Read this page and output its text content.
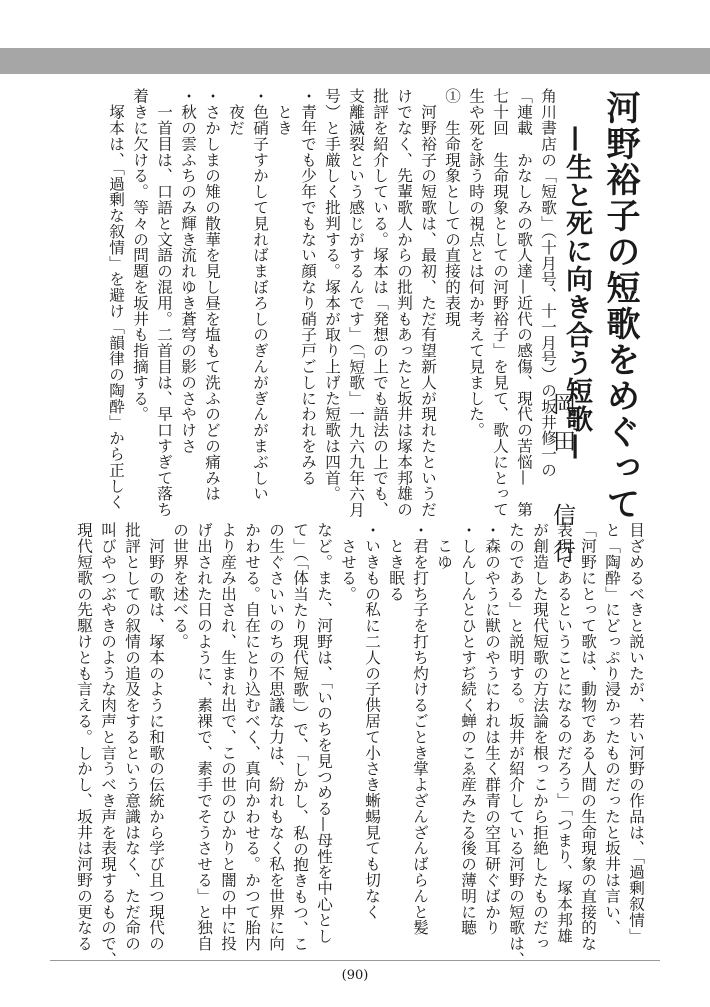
河野裕子の短歌をめぐって
—生と死に向き合う短歌—
岡田　信行
角川書店の「短歌」（十月号、十一月号）の坂井修一の
「連載　かなしみの歌人達—近代の感傷、現代の苦悩—　第
七十回　生命現象としての河野裕子」を見て、歌人にとって
生や死を詠う時の視点とは何か考えて見ました。
①　生命現象としての直接的表現
　河野裕子の短歌は、最初、ただ有望新人が現れたというだ
けでなく、先輩歌人からの批判もあったと坂井は塚本邦雄の
批評を紹介している。塚本は「発想の上でも語法の上でも、
支離滅裂という感じがするんです」（「短歌」一九六九年六月
号）と手厳しく批判する。塚本が取り上げた短歌は四首。
・青年でも少年でもない顔なり硝子戸ごしにわれをみる
　とき
・色硝子すかして見ればまぼろしのぎんがぎんがまぶしい
　夜だ
・さかしまの雉の散華を見し昼を塩もて洗ふのどの痛みは
・秋の雲ふちのみ輝き流れゆき蒼穹の影のさやけさ
　一首目は、口語と文語の混用。二首目は、早口すぎて落ち
着きに欠ける。等々の問題を坂井も指摘する。
　塚本は、「過剰な叙情」を避け「韻律の陶酔」から正しく
目ざめるべきと説いたが、若い河野の作品は、「過剰叙情」
と「陶酔」にどっぷり浸かったものだったと坂井は言い、
「河野にとって歌は、動物である人間の生命現象の直接的な
表現であるということになるのだろう」「つまり、塚本邦雄
が創造した現代短歌の方法論を根っこから拒絶したものだっ
たのである」と説明する。坂井が紹介している河野の短歌は、
・森のやうに獣のやうにわれは生く群青の空耳研ぐばかり
・しんしんとひとすぢ続く蝉のこゑ産みたる後の薄明に聴
　こゆ
・君を打ち子を打ち灼けるごとき掌よざんざんばらんと髪
　とき眠る
・いきもの私に二人の子供居て小さき蜥蜴見ても切なく
　させる。
など。また、河野は、「いのちを見つめる—母性を中心とし
て」（「体当たり現代短歌」）で、「しかし、私の抱きもつ、こ
の生ぐさいいのちの不思議な力は、紛れもなく私を世界に向
かわせる。自在にとり込むべく、真向かわせる。かつて胎内
より産み出され、生まれ出で、この世のひかりと闇の中に投
げ出された日のように、素裸で、素手でそうさせる」と独自
の世界を述べる。
　河野の歌は、塚本のように和歌の伝統から学び且つ現代の
批評としての叙情の追及をするという意識はなく、ただ命の
叫びやつぶやきのような肉声と言うべき声を表現するもので、
現代短歌の先駆けとも言える。しかし、坂井は河野の更なる
(90)
